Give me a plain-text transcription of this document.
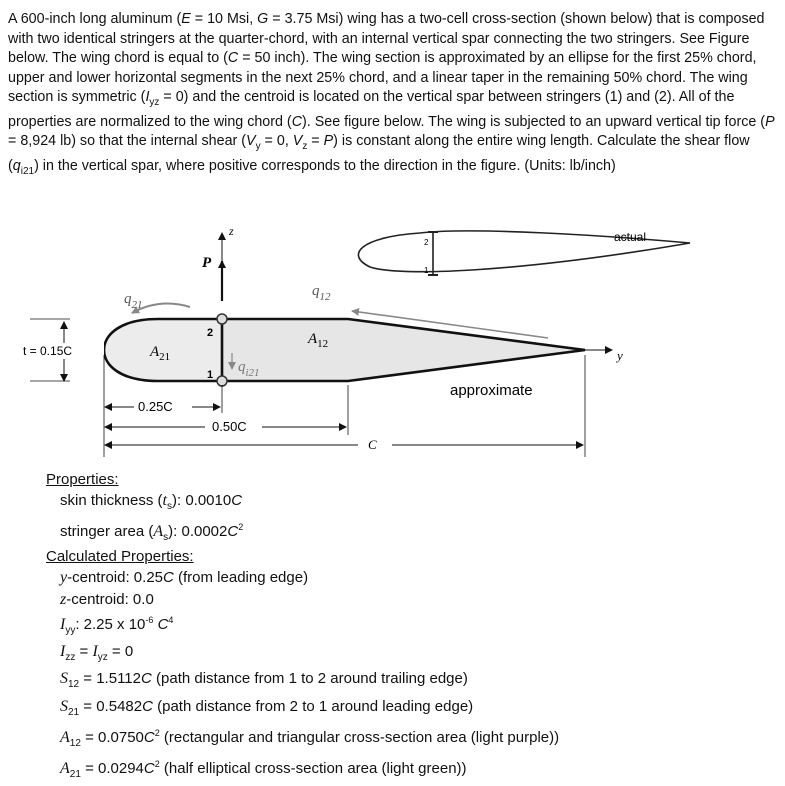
A 600-inch long aluminum (E = 10 Msi, G = 3.75 Msi) wing has a two-cell cross-section (shown below) that is composed with two identical stringers at the quarter-chord, with an internal vertical spar connecting the two stringers. See Figure below. The wing chord is equal to (C = 50 inch). The wing section is approximated by an ellipse for the first 25% chord, upper and lower horizontal segments in the next 25% chord, and a linear taper in the remaining 50% chord. The wing section is symmetric $(I_{yz} = 0)$ and the centroid is located on the vertical spar between stringers (1) and (2). All of the properties are normalized to the wing chord (C). See figure below. The wing is subjected to an upward vertical tip force (P = 8,924 lb) so that the internal shear ($V_y = 0$, $V_z = P$) is constant along the entire wing length. Calculate the shear flow $(q_{i21})$ in the vertical spar, where positive corresponds to the direction in the figure. (Units: lb/inch)
2
1
actual
2
1
z
P
y
$q_{21}$
$q_{12}$
$q_{i21}$
$A_{21}$
$A_{12}$
t = 0.15C
approximate
0.25C
0.50C
C
Properties:
skin thickness $(t_s)$: 0.0010C
stringer area $(A_s)$: $0.0002C^2$
Calculated Properties:
y-centroid: 0.25C (from leading edge)
z-centroid: 0.0
$I_{yy}$: 2.25 x $10^{-6}$ $C^4$
$I_{zz} = I_{yz} = 0$
$S_{12} = 1.5112C$ (path distance from 1 to 2 around trailing edge)
$S_{21} = 0.5482C$ (path distance from 2 to 1 around leading edge)
$A_{12} = 0.0750C^2$ (rectangular and triangular cross-section area (light purple))
$A_{21} = 0.0294C^2$ (half elliptical cross-section area (light green))
